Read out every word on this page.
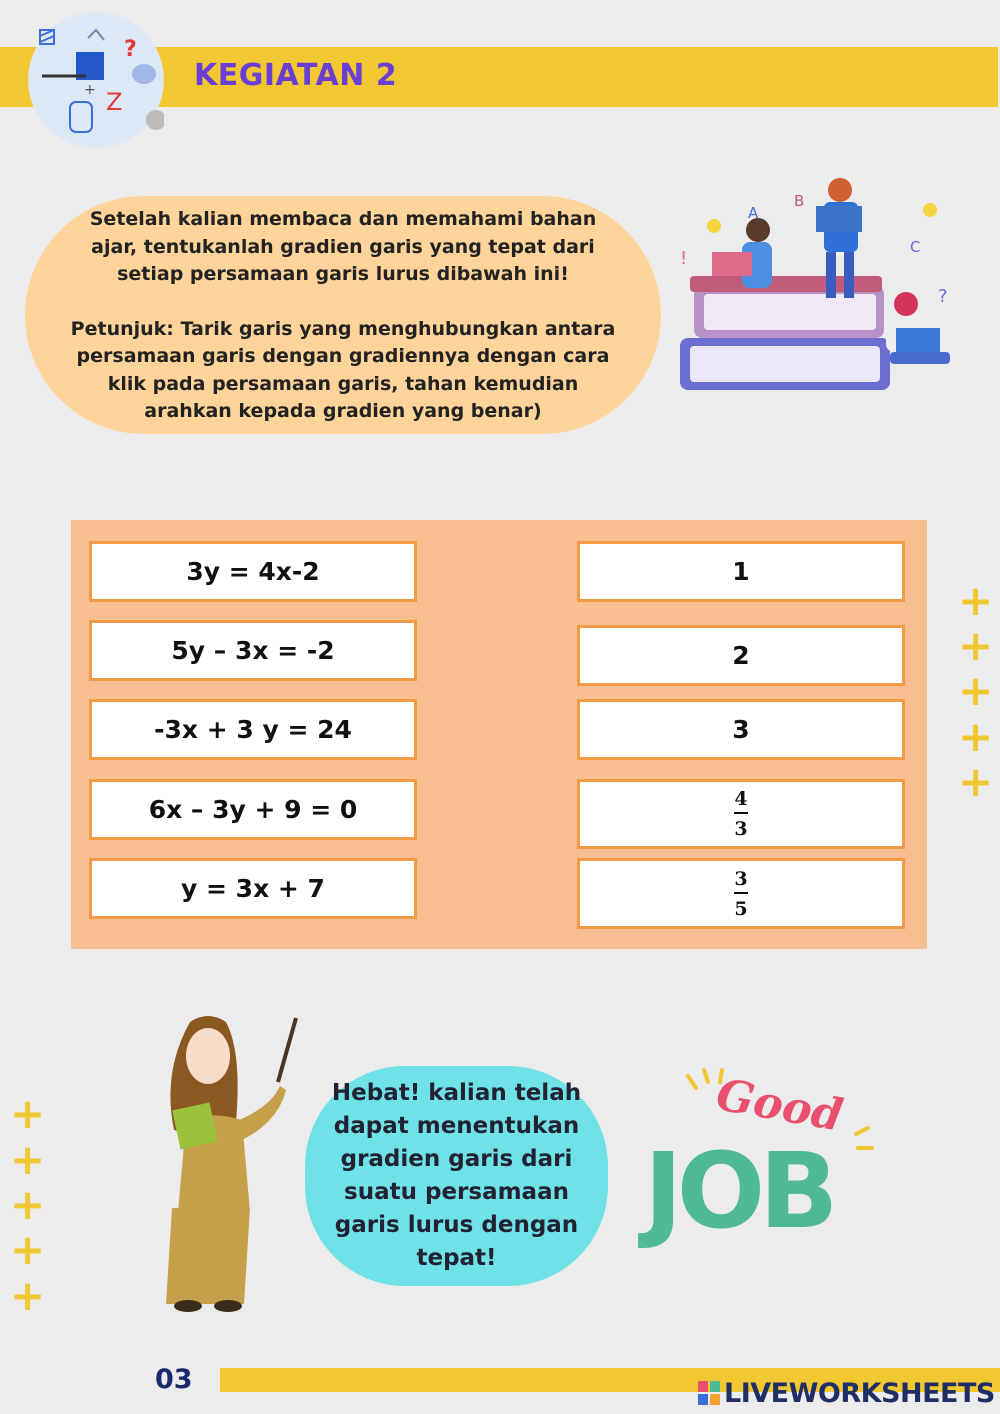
?
Z
+	KEGIATAN 2

Setelah kalian membaca dan memahami bahan ajar, tentukanlah gradien garis yang tepat dari setiap persamaan garis lurus dibawah ini!

Petunjuk: Tarik garis yang menghubungkan antara persamaan garis dengan gradiennya dengan cara klik pada persamaan garis, tahan kemudian arahkan kepada gradien yang benar)

A
B
C
?
!
3y = 4x-2
5y – 3x = -2
-3x + 3 y = 24
6x – 3y + 9 = 0
y = 3x + 7
1
2
3
$\frac{4}{3}$
$\frac{3}{5}$
+
+
+
+
+
+
+
+
+
+
Hebat! kalian telah dapat menentukan gradien garis dari suatu persamaan garis lurus dengan tepat!
Good
JOB
03	LIVEWORKSHEETS
